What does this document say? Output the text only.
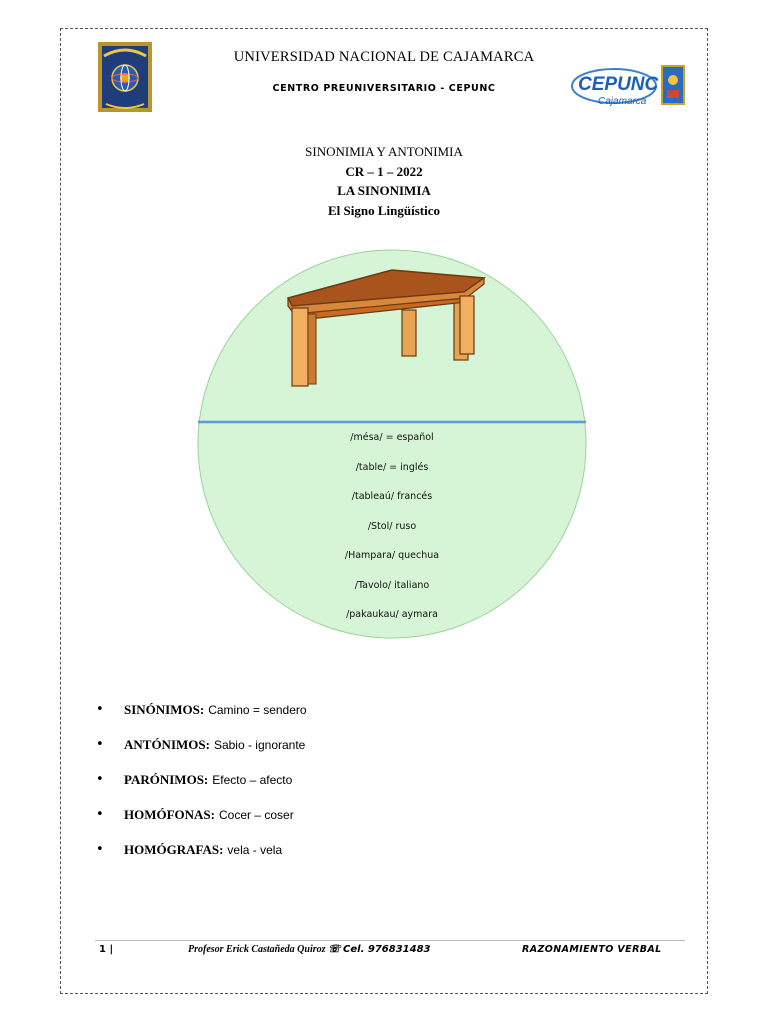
CEPUNC
Cajamarca
UNIVERSIDAD NACIONAL DE CAJAMARCA
CENTRO PREUNIVERSITARIO - CEPUNC
SINONIMIA Y ANTONIMIA
CR – 1 – 2022
LA SINONIMIA
El Signo Lingüístico
/mésa/ = español
/table/ = inglés
/tableaú/ francés
/Stol/ ruso
/Hampara/ quechua
/Tavolo/ italiano
/pakaukau/ aymara
•	SINÓNIMOS: Camino = sendero
•	ANTÓNIMOS: Sabio - ignorante
•	PARÓNIMOS: Efecto – afecto
•	HOMÓFONAS: Cocer – coser
•	HOMÓGRAFAS: vela - vela
1 |	Profesor Erick Castañeda Quiroz ☏ Cel. 976831483	RAZONAMIENTO VERBAL
